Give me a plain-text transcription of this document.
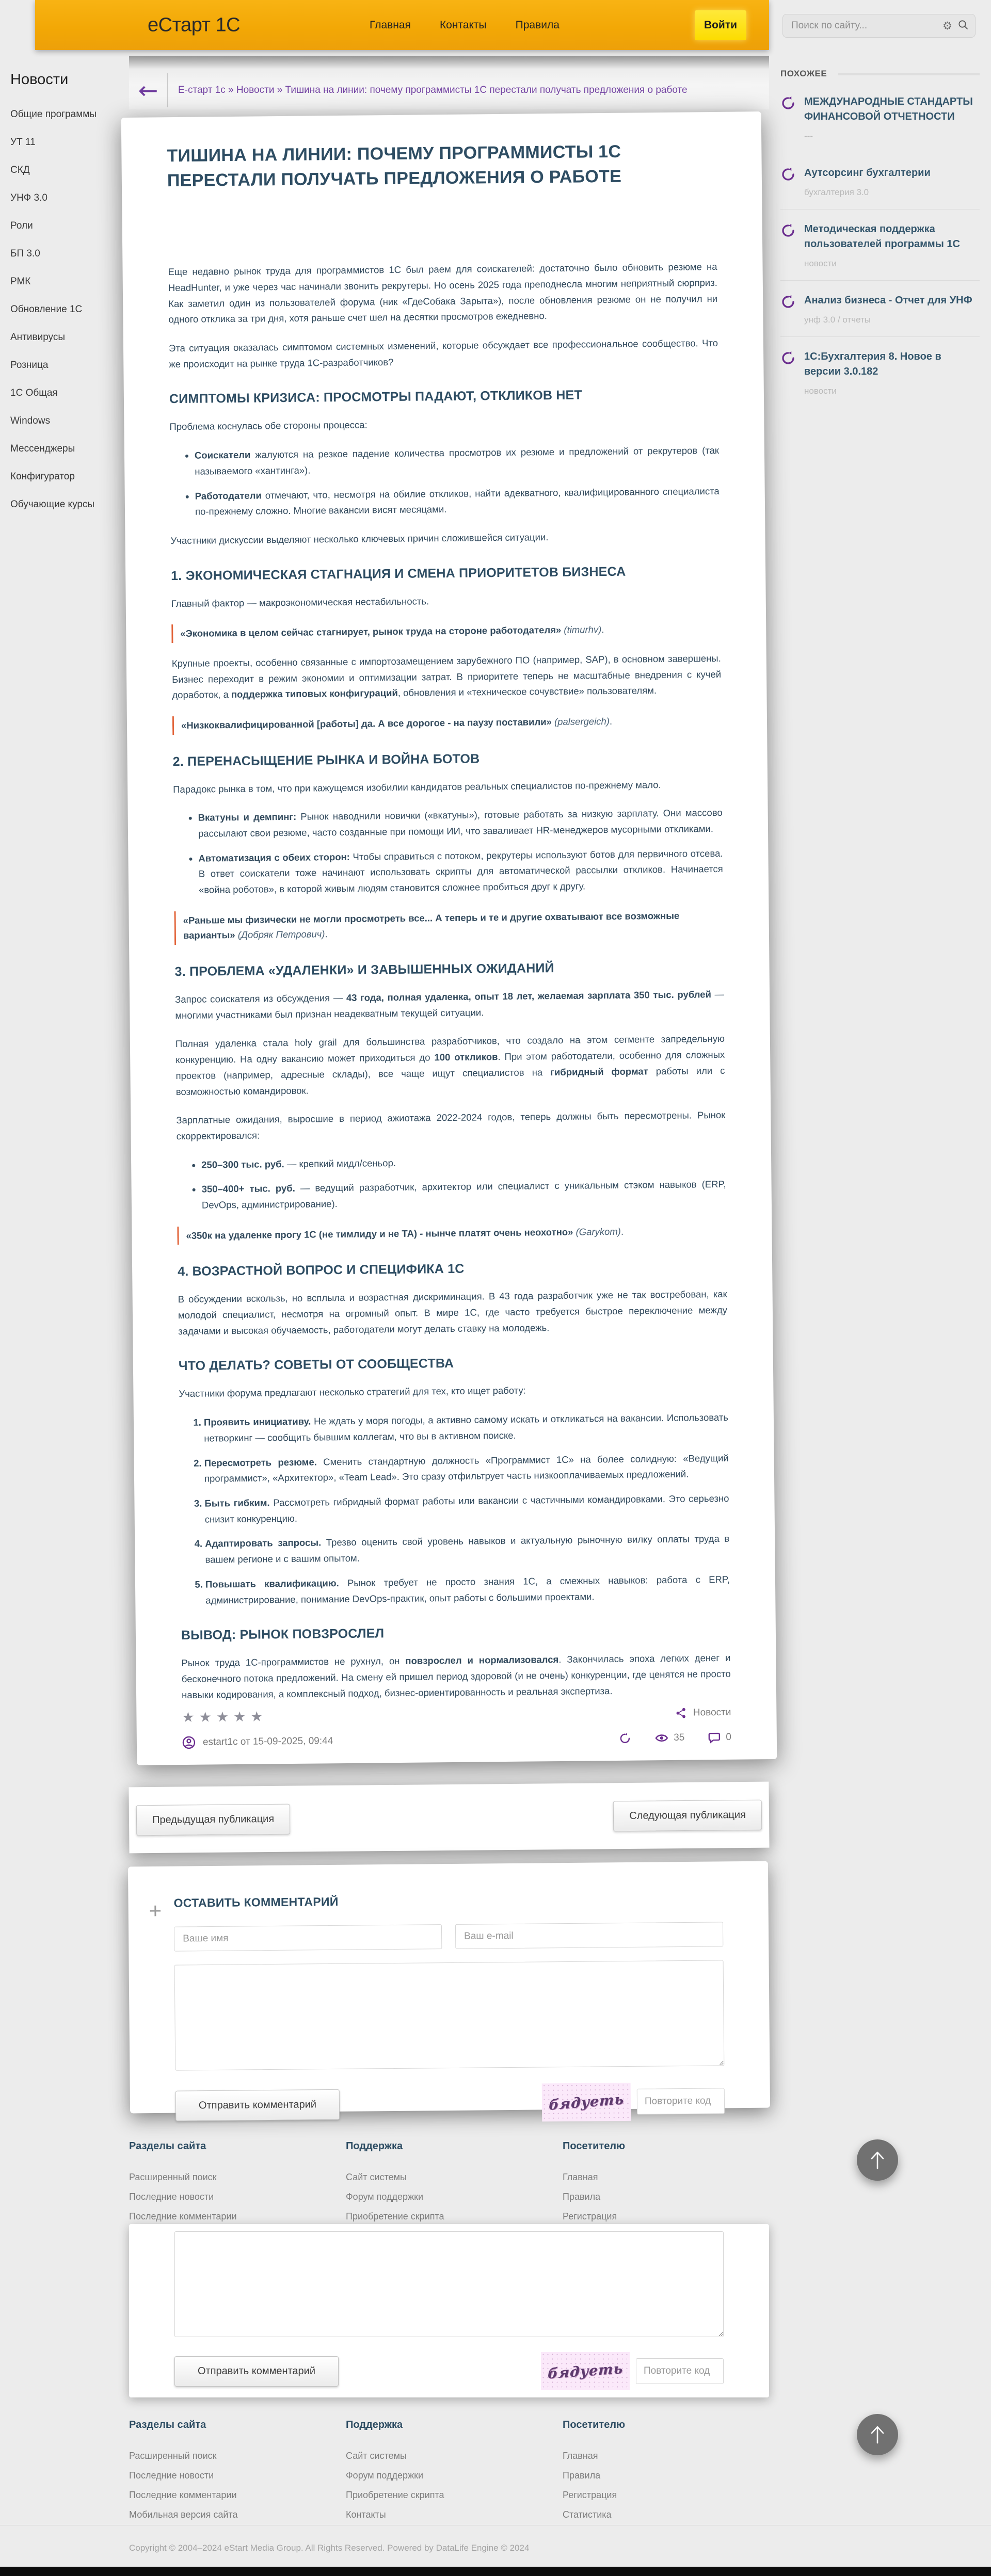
еСтарт 1С	Главная	Контакты	Правила	Войти
Поиск по сайту...	⚙
Новости
Общие программы
УТ 11
СКД
УНФ 3.0
Роли
БП 3.0
РМК
Обновление 1С
Антивирусы
Розница
1С Общая
Windows
Мессенджеры
Конфигуратор
Обучающие курсы
←	Е-старт 1с » Новости » Тишина на линии: почему программисты 1С перестали получать предложения о работе
ПОХОЖЕЕ
МЕЖДУНАРОДНЫЕ СТАНДАРТЫ ФИНАНСОВОЙ ОТЧЕТНОСТИ
---
Аутсорсинг бухгалтерии
бухгалтерия 3.0
Методическая поддержка пользователей программы 1С
новости
Анализ бизнеса - Отчет для УНФ
унф 3.0 / отчеты
1С:Бухгалтерия 8. Новое в версии 3.0.182
новости
ТИШИНА НА ЛИНИИ: ПОЧЕМУ ПРОГРАММИСТЫ 1С ПЕРЕСТАЛИ ПОЛУЧАТЬ ПРЕДЛОЖЕНИЯ О РАБОТЕ

Еще недавно рынок труда для программистов 1С был раем для соискателей: достаточно было обновить резюме на HeadHunter, и уже через час начинали звонить рекрутеры. Но осень 2025 года преподнесла многим неприятный сюрприз. Как заметил один из пользователей форума (ник «ГдеСобака Зарыта»), после обновления резюме он не получил ни одного отклика за три дня, хотя раньше счет шел на десятки просмотров ежедневно.

Эта ситуация оказалась симптомом системных изменений, которые обсуждает все профессиональное сообщество. Что же происходит на рынке труда 1С-разработчиков?

СИМПТОМЫ КРИЗИСА: ПРОСМОТРЫ ПАДАЮТ, ОТКЛИКОВ НЕТ

Проблема коснулась обе стороны процесса:

• Соискатели жалуются на резкое падение количества просмотров их резюме и предложений от рекрутеров (так называемого «хантинга»).
• Работодатели отмечают, что, несмотря на обилие откликов, найти адекватного, квалифицированного специалиста по-прежнему сложно. Многие вакансии висят месяцами.

Участники дискуссии выделяют несколько ключевых причин сложившейся ситуации.

1. ЭКОНОМИЧЕСКАЯ СТАГНАЦИЯ И СМЕНА ПРИОРИТЕТОВ БИЗНЕСА

Главный фактор — макроэкономическая нестабильность.

«Экономика в целом сейчас стагнирует, рынок труда на стороне работодателя» (timurhv).

Крупные проекты, особенно связанные с импортозамещением зарубежного ПО (например, SAP), в основном завершены. Бизнес переходит в режим экономии и оптимизации затрат. В приоритете теперь не масштабные внедрения с кучей доработок, а поддержка типовых конфигураций, обновления и «техническое сочувствие» пользователям.

«Низкоквалифицированной [работы] да. А все дорогое - на паузу поставили» (palsergeich).
2. ПЕРЕНАСЫЩЕНИЕ РЫНКА И ВОЙНА БОТОВ

Парадокс рынка в том, что при кажущемся изобилии кандидатов реальных специалистов по-прежнему мало.

• Вкатуны и демпинг: Рынок наводнили новички («вкатуны»), готовые работать за низкую зарплату. Они массово рассылают свои резюме, часто созданные при помощи ИИ, что заваливает HR-менеджеров мусорными откликами.
• Автоматизация с обеих сторон: Чтобы справиться с потоком, рекрутеры используют ботов для первичного отсева. В ответ соискатели тоже начинают использовать скрипты для автоматической рассылки откликов. Начинается «война роботов», в которой живым людям становится сложнее пробиться друг к другу.
«Раньше мы физически не могли просмотреть все... А теперь и те и другие охватывают все возможные варианты» (Добряк Петрович).
3. ПРОБЛЕМА «УДАЛЕНКИ» И ЗАВЫШЕННЫХ ОЖИДАНИЙ

Запрос соискателя из обсуждения — 43 года, полная удаленка, опыт 18 лет, желаемая зарплата 350 тыс. рублей — многими участниками был признан неадекватным текущей ситуации.

Полная удаленка стала holy grail для большинства разработчиков, что создало на этом сегменте запредельную конкуренцию. На одну вакансию может приходиться до 100 откликов. При этом работодатели, особенно для сложных проектов (например, адресные склады), все чаще ищут специалистов на гибридный формат работы или с возможностью командировок.

Зарплатные ожидания, выросшие в период ажиотажа 2022-2024 годов, теперь должны быть пересмотрены. Рынок скорректировался:

• 250–300 тыс. руб. — крепкий мидл/сеньор.
• 350–400+ тыс. руб. — ведущий разработчик, архитектор или специалист с уникальным стэком навыков (ERP, DevOps, администрирование).
«350к на удаленке прогу 1С (не тимлиду и не ТА) - нынче платят очень неохотно» (Garykom).
4. ВОЗРАСТНОЙ ВОПРОС И СПЕЦИФИКА 1С

В обсуждении вскользь, но всплыла и возрастная дискриминация. В 43 года разработчик уже не так востребован, как молодой специалист, несмотря на огромный опыт. В мире 1С, где часто требуется быстрое переключение между задачами и высокая обучаемость, работодатели могут делать ставку на молодежь.

ЧТО ДЕЛАТЬ? СОВЕТЫ ОТ СООБЩЕСТВА

Участники форума предлагают несколько стратегий для тех, кто ищет работу:

1. Проявить инициативу. Не ждать у моря погоды, а активно самому искать и откликаться на вакансии. Использовать нетворкинг — сообщить бывшим коллегам, что вы в активном поиске.
2. Пересмотреть резюме. Сменить стандартную должность «Программист 1С» на более солидную: «Ведущий программист», «Архитектор», «Team Lead». Это сразу отфильтрует часть низкооплачиваемых предложений.
3. Быть гибким. Рассмотреть гибридный формат работы или вакансии с частичными командировками. Это серьезно снизит конкуренцию.
4. Адаптировать запросы. Трезво оценить свой уровень навыков и актуальную рыночную вилку оплаты труда в вашем регионе и с вашим опытом.
5. Повышать квалификацию. Рынок требует не просто знания 1С, а смежных навыков: работа с ERP, администрирование, понимание DevOps-практик, опыт работы с большими проектами.
ВЫВОД: РЫНОК ПОВЗРОСЛЕЛ

Рынок труда 1С-программистов не рухнул, он повзрослел и нормализовался. Закончилась эпоха легких денег и бесконечного потока предложений. На смену ей пришел период здоровой (и не очень) конкуренции, где ценятся не просто навыки кодирования, а комплексный подход, бизнес-ориентированность и реальная экспертиза.

★★★★★	Новости
estart1c от 15-09-2025, 09:44	35	0
Предыдущая публикация	Следующая публикация
+ ОСТАВИТЬ КОММЕНТАРИЙ
Ваше имя
Ваш e-mail
Отправить комментарий	бядуеть
Повторите код
Разделы сайта
Расширенный поиск
Последние новости
Последние комментарии
Поддержка
Сайт системы
Форум поддержки
Приобретение скрипта
Посетителю
Главная
Правила
Регистрация
Отправить комментарий	бядуеть
Повторите код
Разделы сайта
Расширенный поиск
Последние новости
Последние комментарии
Мобильная версия сайта
Поддержка
Сайт системы
Форум поддержки
Приобретение скрипта
Контакты
Посетителю
Главная
Правила
Регистрация
Статистика
Copyright © 2004–2024 eStart Media Group. All Rights Reserved. Powered by DataLife Engine © 2024
